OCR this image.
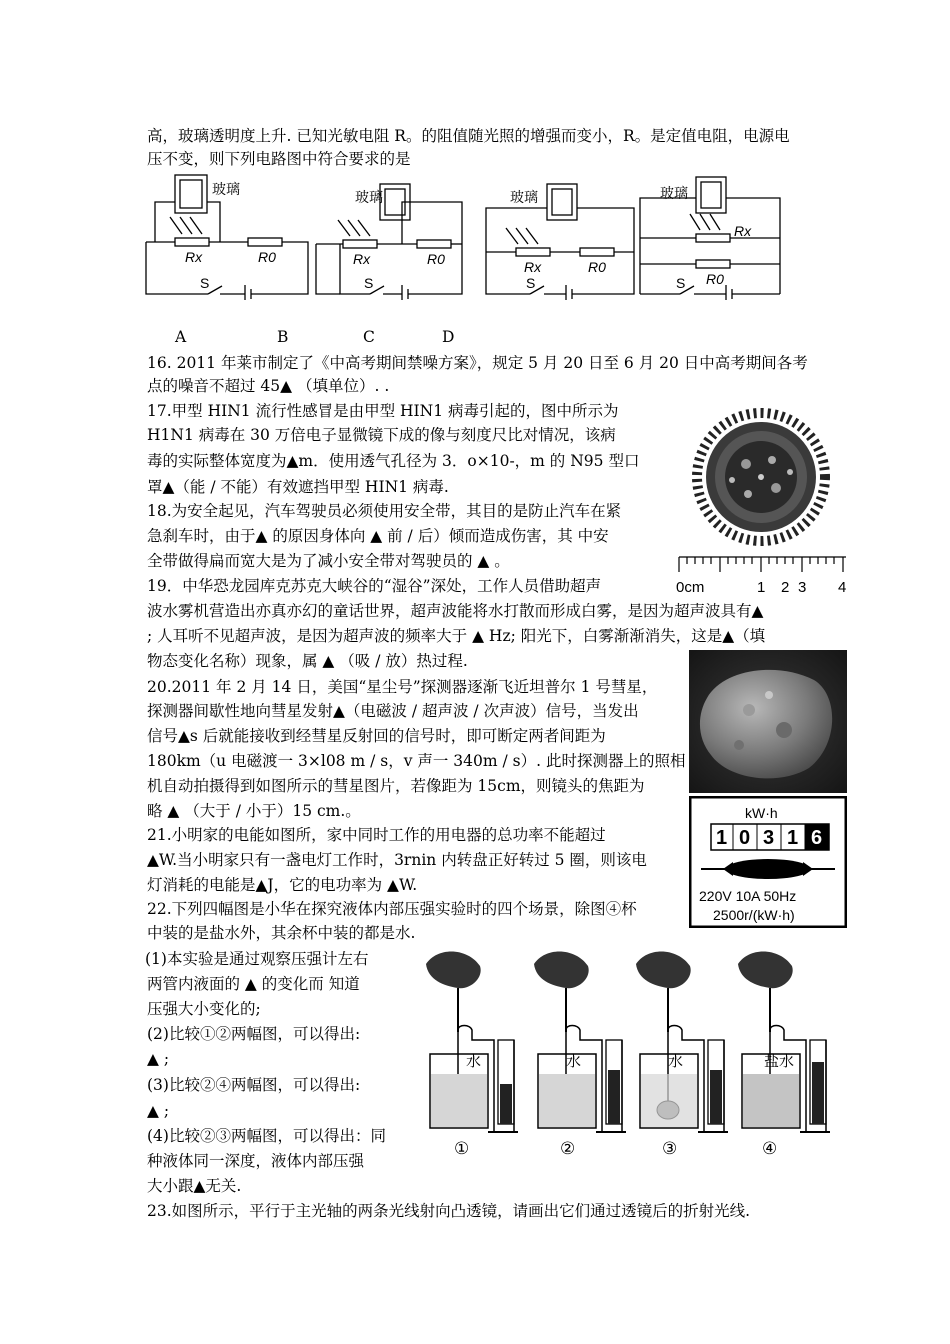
高，玻璃透明度上升. 已知光敏电阻 R。的阻值随光照的增强而变小，R。是定值电阻，电源电
压不变，则下列电路图中符合要求的是
玻璃	玻璃	玻璃	玻璃
Rx	R0	Rx	R0	Rx	R0
Rx
R0
S	S	S	S
A	B	C	D
16. 2011 年莱市制定了《中高考期间禁噪方案》，规定 5 月 20 日至 6 月 20 日中高考期间各考
点的噪音不超过 45▲ （填单位）. .
17.甲型 HIN1 流行性感冒是由甲型 HIN1 病毒引起的，图中所示为
H1N1 病毒在 30 万倍电子显微镜下成的像与刻度尺比对情况，该病
毒的实际整体宽度为▲m．使用透气孔径为 3．o×10-，m 的 N95 型口
罩▲（能 / 不能）有效遮挡甲型 HIN1 病毒.
0cm	1 2 3 4
18.为安全起见，汽车驾驶员必须使用安全带，其目的是防止汽车在紧
急刹车时，由于▲ 的原因身体向 ▲ 前 / 后）倾而造成伤害，其 中安
全带做得扁而宽大是为了减小安全带对驾驶员的 ▲ 。
19．中华恐龙园库克苏克大峡谷的“湿谷”深处，工作人员借助超声
波水雾机营造出亦真亦幻的童话世界，超声波能将水打散而形成白雾，是因为超声波具有▲
; 人耳听不见超声波，是因为超声波的频率大于 ▲ Hz; 阳光下，白雾渐渐消失，这是▲（填
物态变化名称）现象，属 ▲ （吸 / 放）热过程.
20.2011 年 2 月 14 日，美国“星尘号”探测器逐渐飞近坦普尔 1 号彗星，
探测器间歇性地向彗星发射▲（电磁波 / 超声波 / 次声波）信号，当发出
信号▲s 后就能接收到经彗星反射回的信号时，即可断定两者间距为
180km（u 电磁渡一 3×l08 m / s，v 声一 340m / s）. 此时探测器上的照相
机自动拍摄得到如图所示的彗星图片，若像距为 15cm，则镜头的焦距为
略 ▲ （大于 / 小于）15 cm.。	kW·h
1 0 3 1 6
220V 10A 50Hz
2500r/(kW·h)
21.小明家的电能如图所，家中同时工作的用电器的总功率不能超过
▲W.当小明家只有一盏电灯工作时，3rnin 内转盘正好转过 5 圈，则该电
灯消耗的电能是▲J，它的电功率为 ▲W.
22.下列四幅图是小华在探究液体内部压强实验时的四个场景，除图④杯
中装的是盐水外，其余杯中装的都是水.
(1)本实验是通过观察压强计左右
两管内液面的 ▲ 的变化而 知道
压强大小变化的;
(2)比较①②两幅图，可以得出:
▲ ;
(3)比较②④两幅图，可以得出:
▲ ;
(4)比较②③两幅图，可以得出：同
种液体同一深度，液体内部压强
大小跟▲无关.
水	水	水	盐水
①	②	③	④
23.如图所示，平行于主光轴的两条光线射向凸透镜，请画出它们通过透镜后的折射光线.
